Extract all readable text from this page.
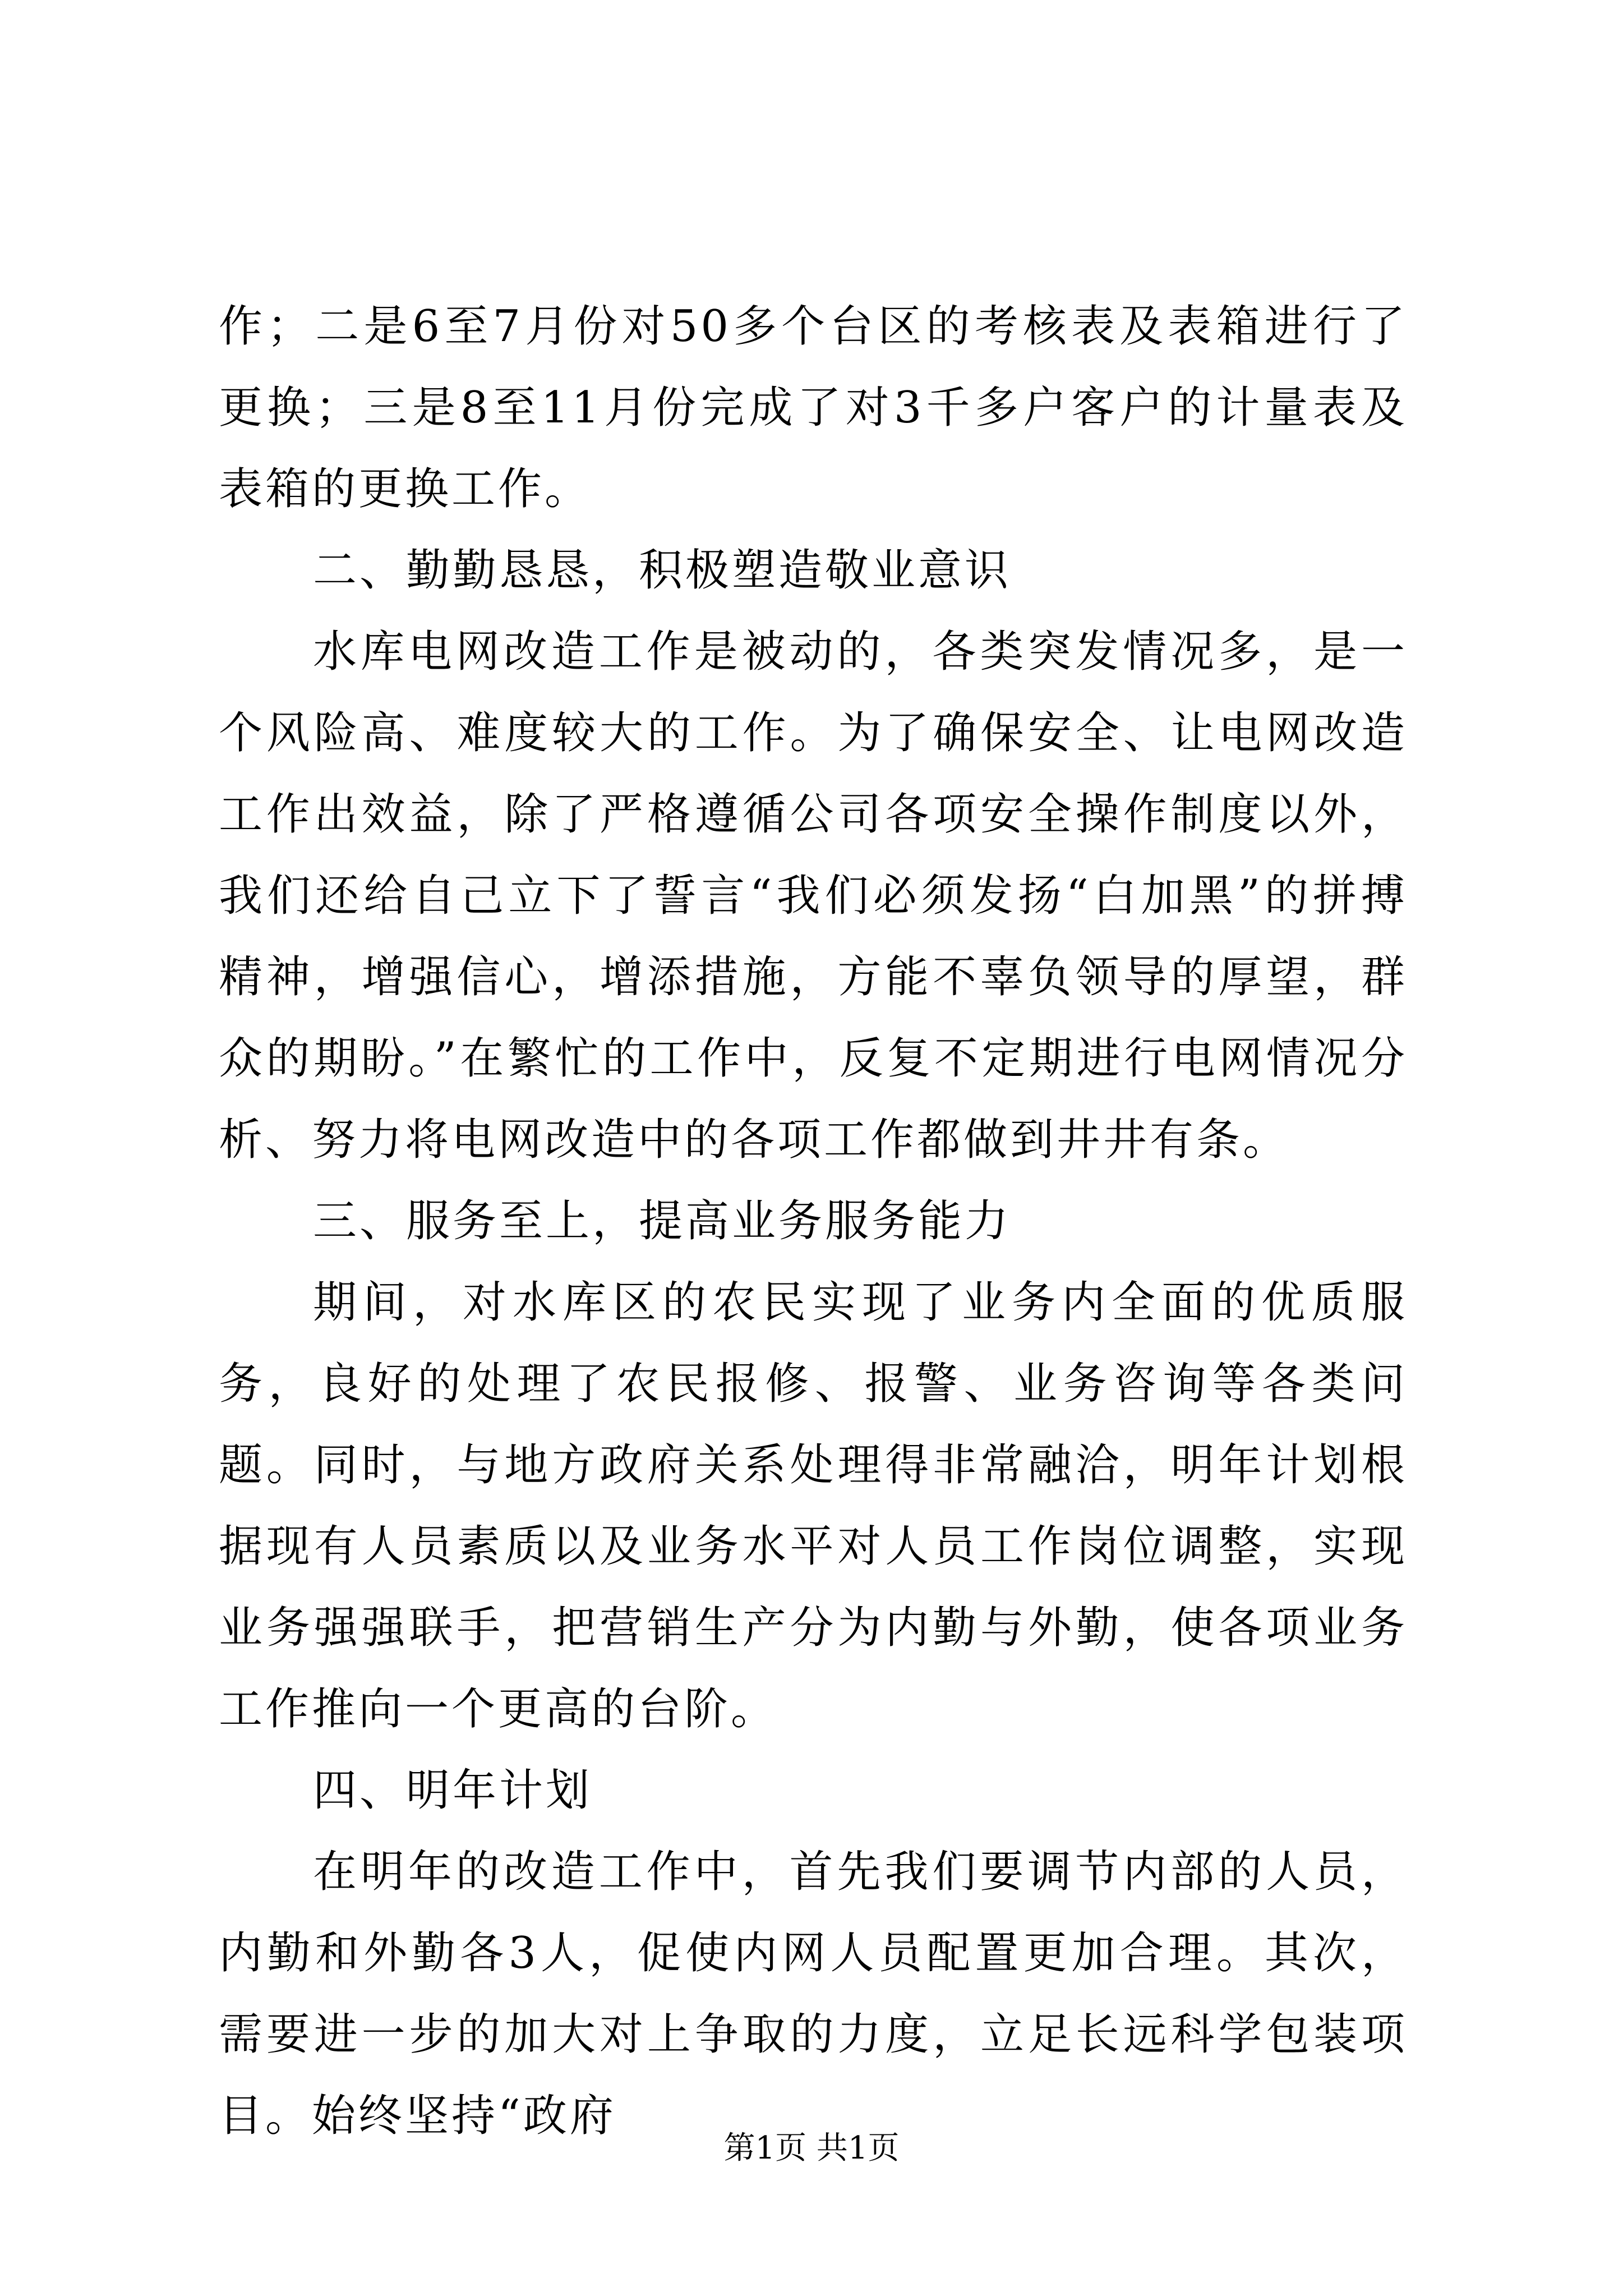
作；二是6至7月份对50多个台区的考核表及表箱进行了更换；三是8至11月份完成了对3千多户客户的计量表及表箱的更换工作。

二、勤勤恳恳，积极塑造敬业意识

水库电网改造工作是被动的，各类突发情况多，是一个风险高、难度较大的工作。为了确保安全、让电网改造工作出效益，除了严格遵循公司各项安全操作制度以外，我们还给自己立下了誓言“我们必须发扬“白加黑”的拼搏精神，增强信心，增添措施，方能不辜负领导的厚望，群众的期盼。”在繁忙的工作中，反复不定期进行电网情况分析、努力将电网改造中的各项工作都做到井井有条。

三、服务至上，提高业务服务能力

期间，对水库区的农民实现了业务内全面的优质服务，良好的处理了农民报修、报警、业务咨询等各类问题。同时，与地方政府关系处理得非常融洽，明年计划根据现有人员素质以及业务水平对人员工作岗位调整，实现业务强强联手，把营销生产分为内勤与外勤，使各项业务工作推向一个更高的台阶。

四、明年计划

在明年的改造工作中，首先我们要调节内部的人员，内勤和外勤各3人，促使内网人员配置更加合理。其次，需要进一步的加大对上争取的力度，立足长远科学包装项目。始终坚持“政府

第1页 共1页
